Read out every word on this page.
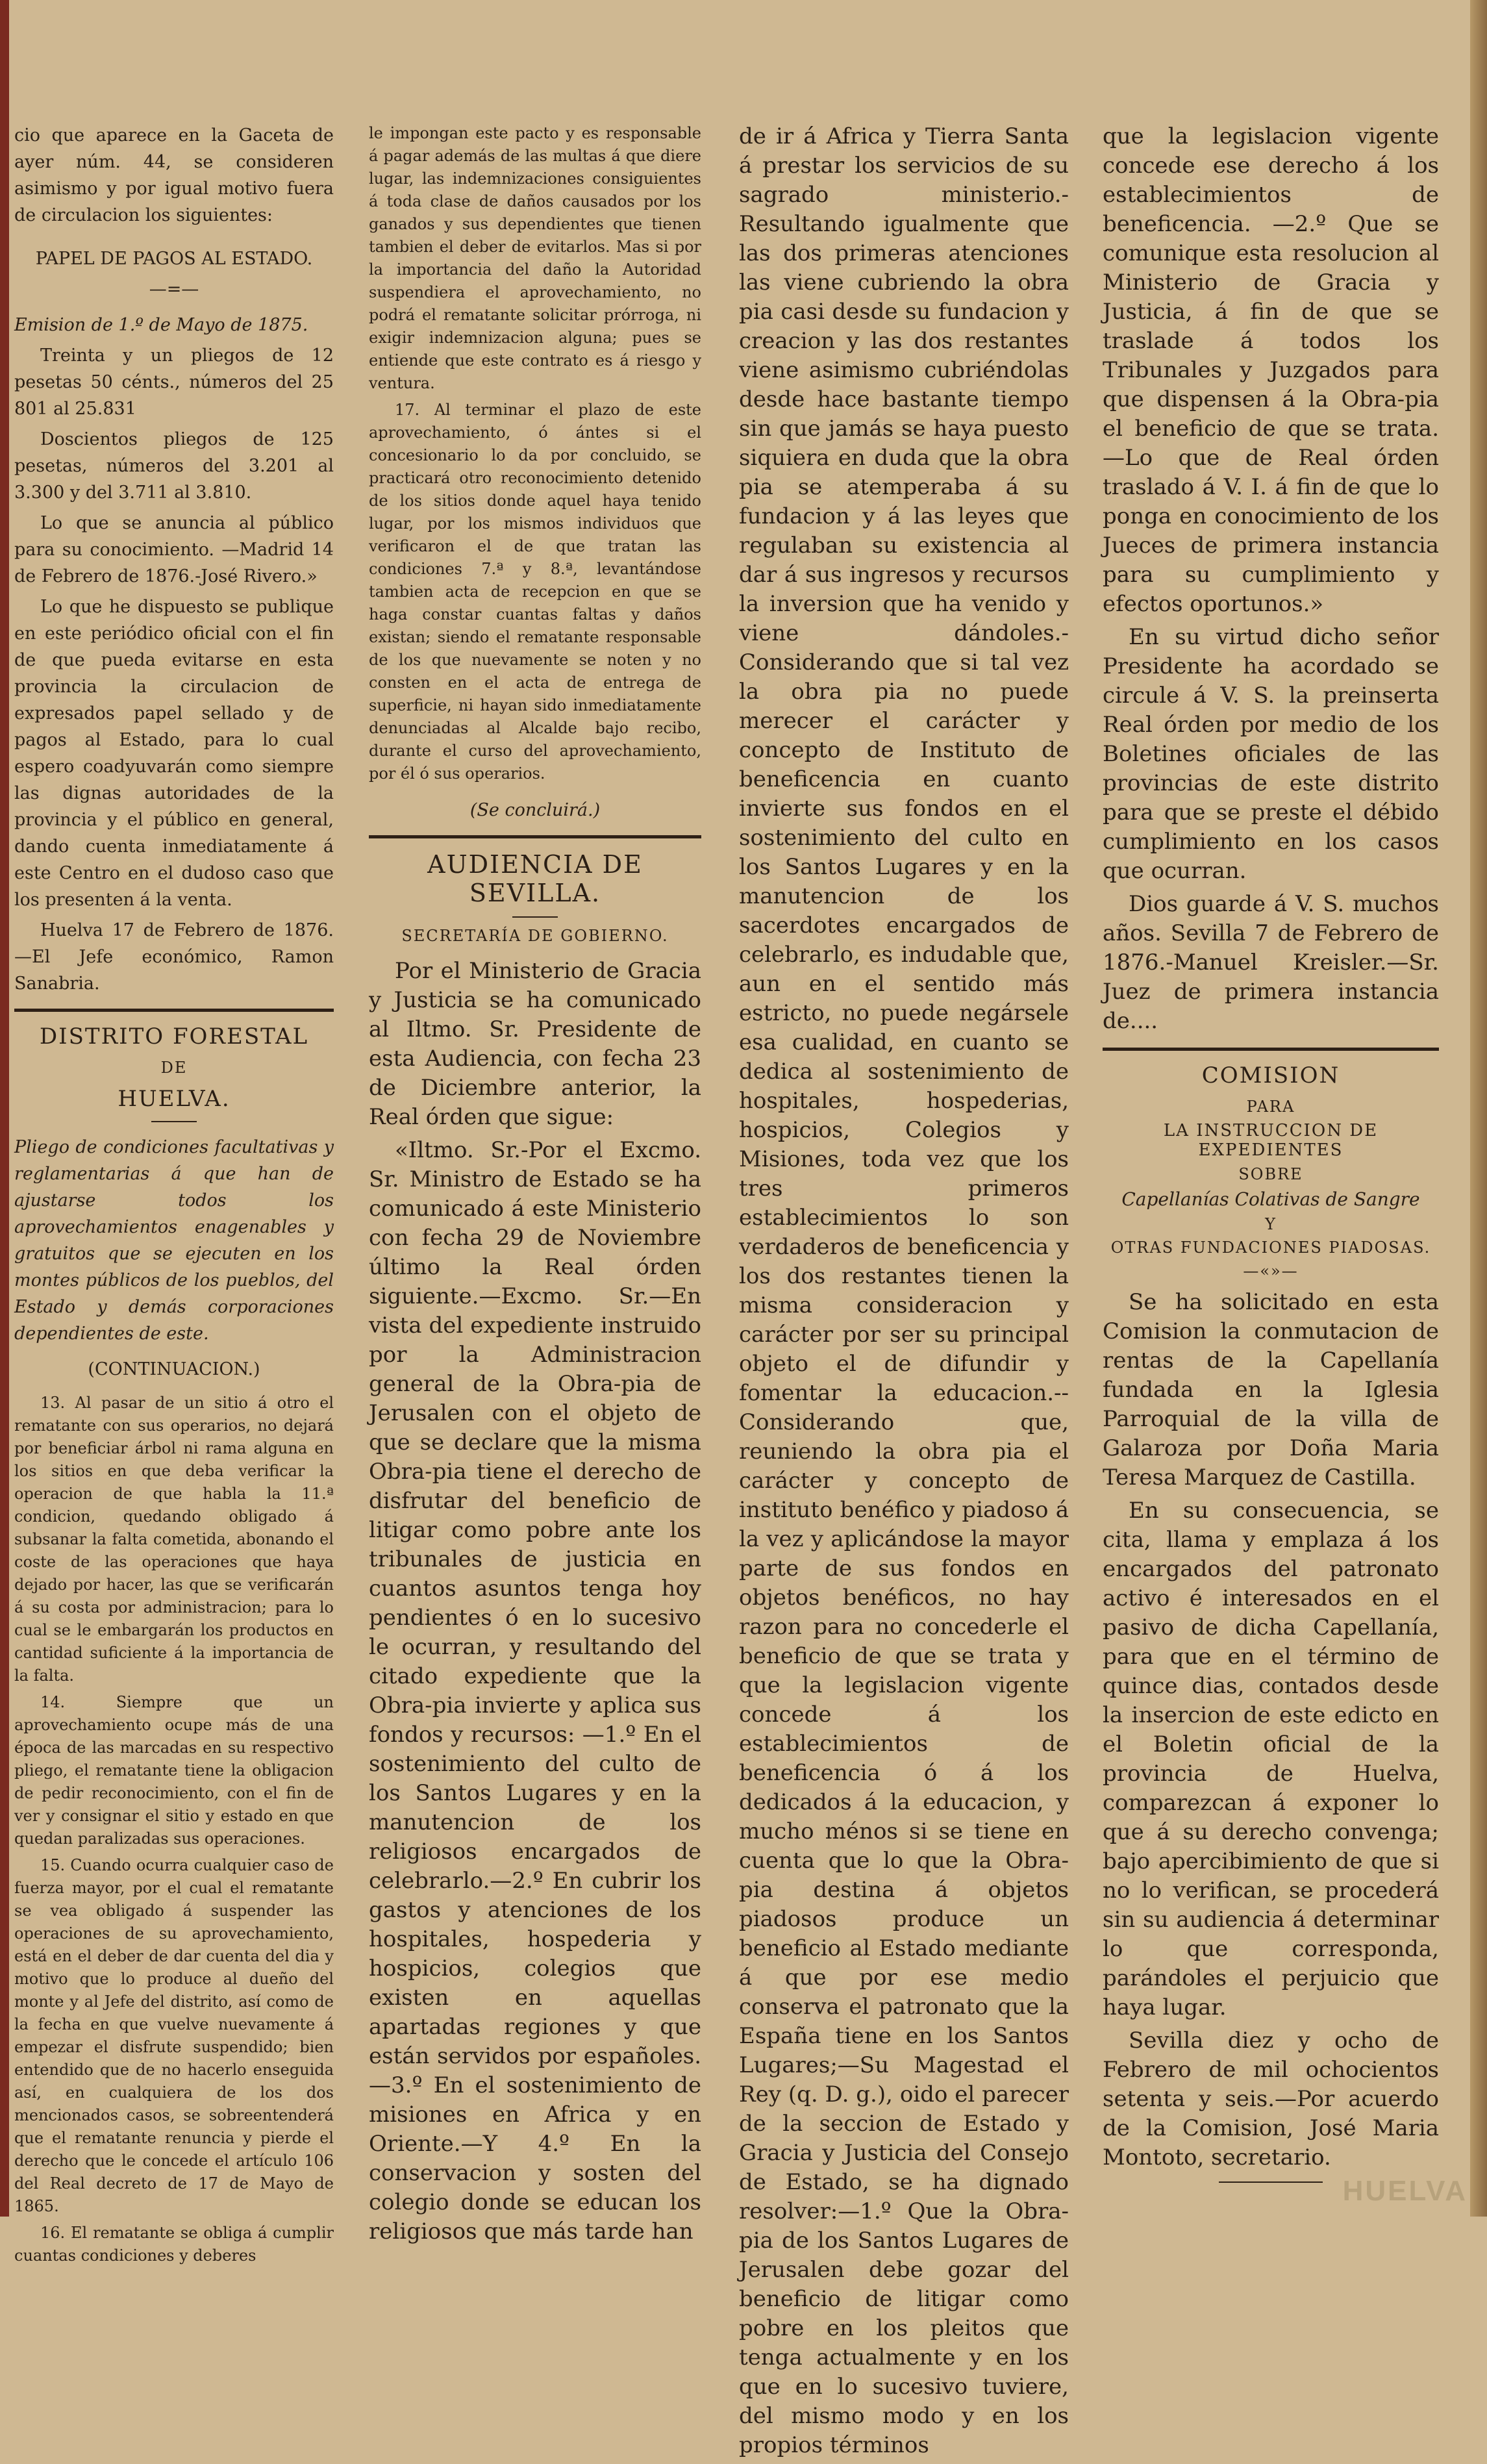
cio que aparece en la Gaceta de ayer núm. 44, se consideren asimismo y por igual motivo fuera de circulacion los siguientes:

PAPEL DE PAGOS AL ESTADO.

—=—

Emision de 1.º de Mayo de 1875.

Treinta y un pliegos de 12 pesetas 50 cénts., números del 25 801 al 25.831

Doscientos pliegos de 125 pesetas, números del 3.201 al 3.300 y del 3.711 al 3.810.

Lo que se anuncia al público para su conocimiento. —Madrid 14 de Febrero de 1876.-José Rivero.»

Lo que he dispuesto se publique en este periódico oficial con el fin de que pueda evitarse en esta provincia la circulacion de expresados papel sellado y de pagos al Estado, para lo cual espero coadyuvarán como siempre las dignas autoridades de la provincia y el público en general, dando cuenta inmediatamente á este Centro en el dudoso caso que los presenten á la venta.

Huelva 17 de Febrero de 1876. —El Jefe económico, Ramon Sanabria.

DISTRITO FORESTAL
DE
HUELVA.

Pliego de condiciones facultativas y reglamentarias á que han de ajustarse todos los aprovechamientos enagenables y gratuitos que se ejecuten en los montes públicos de los pueblos, del Estado y demás corporaciones dependientes de este.

(CONTINUACION.)

13. Al pasar de un sitio á otro el rematante con sus operarios, no dejará por beneficiar árbol ni rama alguna en los sitios en que deba verificar la operacion de que habla la 11.ª condicion, quedando obligado á subsanar la falta cometida, abonando el coste de las operaciones que haya dejado por hacer, las que se verificarán á su costa por administracion; para lo cual se le embargarán los productos en cantidad suficiente á la importancia de la falta.

14. Siempre que un aprovechamiento ocupe más de una época de las marcadas en su respectivo pliego, el rematante tiene la obligacion de pedir reconocimiento, con el fin de ver y consignar el sitio y estado en que quedan paralizadas sus operaciones.

15. Cuando ocurra cualquier caso de fuerza mayor, por el cual el rematante se vea obligado á suspender las operaciones de su aprovechamiento, está en el deber de dar cuenta del dia y motivo que lo produce al dueño del monte y al Jefe del distrito, así como de la fecha en que vuelve nuevamente á empezar el disfrute suspendido; bien entendido que de no hacerlo enseguida así, en cualquiera de los dos mencionados casos, se sobreentenderá que el rematante renuncia y pierde el derecho que le concede el artículo 106 del Real decreto de 17 de Mayo de 1865.

16. El rematante se obliga á cumplir cuantas condiciones y deberes

le impongan este pacto y es responsable á pagar además de las multas á que diere lugar, las indemnizaciones consiguientes á toda clase de daños causados por los ganados y sus dependientes que tienen tambien el deber de evitarlos. Mas si por la importancia del daño la Autoridad suspendiera el aprovechamiento, no podrá el rematante solicitar prórroga, ni exigir indemnizacion alguna; pues se entiende que este contrato es á riesgo y ventura.

17. Al terminar el plazo de este aprovechamiento, ó ántes si el concesionario lo da por concluido, se practicará otro reconocimiento detenido de los sitios donde aquel haya tenido lugar, por los mismos individuos que verificaron el de que tratan las condiciones 7.ª y 8.ª, levantándose tambien acta de recepcion en que se haga constar cuantas faltas y daños existan; siendo el rematante responsable de los que nuevamente se noten y no consten en el acta de entrega de superficie, ni hayan sido inmediatamente denunciadas al Alcalde bajo recibo, durante el curso del aprovechamiento, por él ó sus operarios.

(Se concluirá.)

AUDIENCIA DE SEVILLA.
SECRETARÍA DE GOBIERNO.

Por el Ministerio de Gracia y Justicia se ha comunicado al Iltmo. Sr. Presidente de esta Audiencia, con fecha 23 de Diciembre anterior, la Real órden que sigue:

«Iltmo. Sr.-Por el Excmo. Sr. Ministro de Estado se ha comunicado á este Ministerio con fecha 29 de Noviembre último la Real órden siguiente.—Excmo. Sr.—En vista del expediente instruido por la Administracion general de la Obra-pia de Jerusalen con el objeto de que se declare que la misma Obra-pia tiene el derecho de disfrutar del beneficio de litigar como pobre ante los tribunales de justicia en cuantos asuntos tenga hoy pendientes ó en lo sucesivo le ocurran, y resultando del citado expediente que la Obra-pia invierte y aplica sus fondos y recursos: —1.º En el sostenimiento del culto de los Santos Lugares y en la manutencion de los religiosos encargados de celebrarlo.—2.º En cubrir los gastos y atenciones de los hospitales, hospederia y hospicios, colegios que existen en aquellas apartadas regiones y que están servidos por españoles.—3.º En el sostenimiento de misiones en Africa y en Oriente.—Y 4.º En la conservacion y sosten del colegio donde se educan los religiosos que más tarde han

de ir á Africa y Tierra Santa á prestar los servicios de su sagrado ministerio.-Resultando igualmente que las dos primeras atenciones las viene cubriendo la obra pia casi desde su fundacion y creacion y las dos restantes viene asimismo cubriéndolas desde hace bastante tiempo sin que jamás se haya puesto siquiera en duda que la obra pia se atemperaba á su fundacion y á las leyes que regulaban su existencia al dar á sus ingresos y recursos la inversion que ha venido y viene dándoles.-Considerando que si tal vez la obra pia no puede merecer el carácter y concepto de Instituto de beneficencia en cuanto invierte sus fondos en el sostenimiento del culto en los Santos Lugares y en la manutencion de los sacerdotes encargados de celebrarlo, es indudable que, aun en el sentido más estricto, no puede negársele esa cualidad, en cuanto se dedica al sostenimiento de hospitales, hospederias, hospicios, Colegios y Misiones, toda vez que los tres primeros establecimientos lo son verdaderos de beneficencia y los dos restantes tienen la misma consideracion y carácter por ser su principal objeto el de difundir y fomentar la educacion.--Considerando que, reuniendo la obra pia el carácter y concepto de instituto benéfico y piadoso á la vez y aplicándose la mayor parte de sus fondos en objetos benéficos, no hay razon para no concederle el beneficio de que se trata y que la legislacion vigente concede á los establecimientos de beneficencia ó á los dedicados á la educacion, y mucho ménos si se tiene en cuenta que lo que la Obra-pia destina á objetos piadosos produce un beneficio al Estado mediante á que por ese medio conserva el patronato que la España tiene en los Santos Lugares;—Su Magestad el Rey (q. D. g.), oido el parecer de la seccion de Estado y Gracia y Justicia del Consejo de Estado, se ha dignado resolver:—1.º Que la Obra-pia de los Santos Lugares de Jerusalen debe gozar del beneficio de litigar como pobre en los pleitos que tenga actualmente y en los que en lo sucesivo tuviere, del mismo modo y en los propios términos

que la legislacion vigente concede ese derecho á los establecimientos de beneficencia. —2.º Que se comunique esta resolucion al Ministerio de Gracia y Justicia, á fin de que se traslade á todos los Tribunales y Juzgados para que dispensen á la Obra-pia el beneficio de que se trata. —Lo que de Real órden traslado á V. I. á fin de que lo ponga en conocimiento de los Jueces de primera instancia para su cumplimiento y efectos oportunos.»

En su virtud dicho señor Presidente ha acordado se circule á V. S. la preinserta Real órden por medio de los Boletines oficiales de las provincias de este distrito para que se preste el débido cumplimiento en los casos que ocurran.

Dios guarde á V. S. muchos años. Sevilla 7 de Febrero de 1876.-Manuel Kreisler.—Sr. Juez de primera instancia de....

COMISION
PARA
LA INSTRUCCION DE EXPEDIENTES
SOBRE
Capellanías Colativas de Sangre
Y
OTRAS FUNDACIONES PIADOSAS.
—«»—

Se ha solicitado en esta Comision la conmutacion de rentas de la Capellanía fundada en la Iglesia Parroquial de la villa de Galaroza por Doña Maria Teresa Marquez de Castilla.

En su consecuencia, se cita, llama y emplaza á los encargados del patronato activo é interesados en el pasivo de dicha Capellanía, para que en el término de quince dias, contados desde la insercion de este edicto en el Boletin oficial de la provincia de Huelva, comparezcan á exponer lo que á su derecho convenga; bajo apercibimiento de que si no lo verifican, se procederá sin su audiencia á determinar lo que corresponda, parándoles el perjuicio que haya lugar.

Sevilla diez y ocho de Febrero de mil ochocientos setenta y seis.—Por acuerdo de la Comision, José Maria Montoto, secretario.

HUELVA
